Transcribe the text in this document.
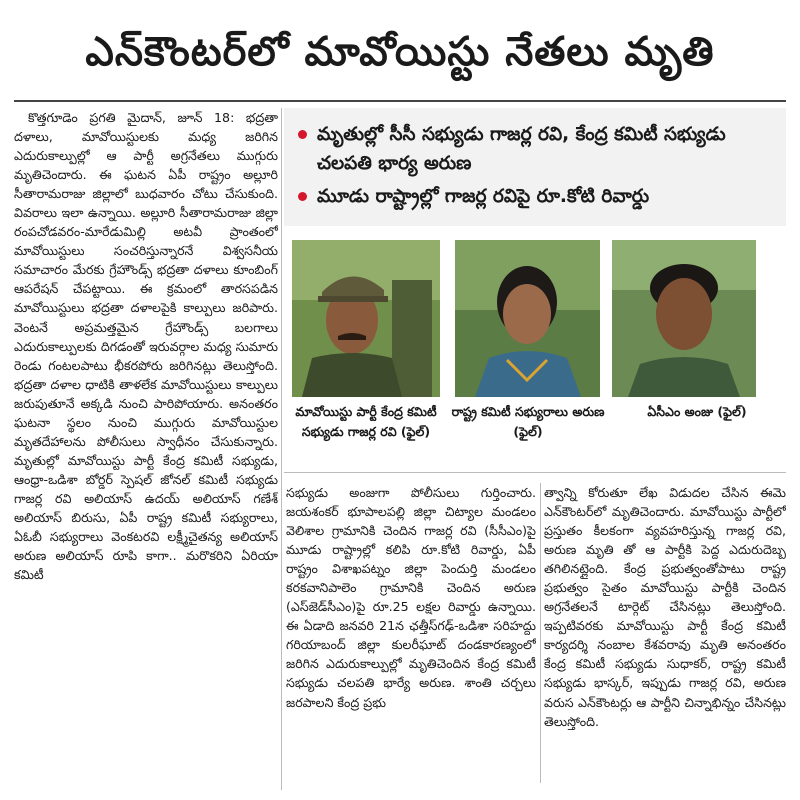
ఎన్‌కౌంటర్‌లో మావోయిస్టు నేతలు మృతి

కొత్తగూడెం ప్రగతి మైదాన్, జూన్ 18: భద్రతా దళాలు, మావోయిస్టులకు మధ్య జరిగిన ఎదురుకాల్పుల్లో ఆ పార్టీ అగ్రనేతలు ముగ్గురు మృతిచెందారు. ఈ ఘటన ఏపీ రాష్ట్రం అల్లూరి సీతారామరాజు జిల్లాలో బుధవారం చోటు చేసుకుంది. వివరాలు ఇలా ఉన్నాయి. అల్లూరి సీతారామరాజు జిల్లా రంపచోడవరం-మారేడుమిల్లి అటవీ ప్రాంతంలో మావోయిస్టులు సంచరిస్తున్నారనే విశ్వసనీయ సమాచారం మేరకు గ్రేహౌండ్స్ భద్రతా దళాలు కూంబింగ్ ఆపరేషన్ చేపట్టాయి. ఈ క్రమంలో తారసపడిన మావోయిస్టులు భద్రతా దళాలపైకి కాల్పులు జరిపారు. వెంటనే అప్రమత్తమైన గ్రేహౌండ్స్ బలగాలు ఎదురుకాల్పులకు దిగడంతో ఇరువర్గాల మధ్య సుమారు రెండు గంటలపాటు భీకరపోరు జరిగినట్లు తెలుస్తోంది. భద్రతా దళాల ధాటికి తాళలేక మావోయిస్టులు కాల్పులు జరుపుతూనే అక్కడి నుంచి పారిపోయారు. అనంతరం ఘటనా స్థలం నుంచి ముగ్గురు మావోయిస్టుల మృతదేహాలను పోలీసులు స్వాధీనం చేసుకున్నారు. మృతుల్లో మావోయిస్టు పార్టీ కేంద్ర కమిటీ సభ్యుడు, ఆంధ్రా-ఒడిశా బోర్డర్ స్పెషల్ జోనల్ కమిటీ సభ్యుడు గాజర్ల రవి అలియాస్ ఉదయ్ అలియాస్ గణేశ్ అలియాస్ బిరుసు, ఏపీ రాష్ట్ర కమిటీ సభ్యురాలు, ఏఓబీ సభ్యురాలు వెంకటరవి లక్ష్మీచైతన్య అలియాస్ అరుణ అలియాస్ రూపి కాగా.. మరొకరిని ఏరియా కమిటీ

మృతుల్లో సీసీ సభ్యుడు గాజర్ల రవి, కేంద్ర కమిటీ సభ్యుడు చలపతి భార్య అరుణ
మూడు రాష్ట్రాల్లో గాజర్ల రవిపై రూ.కోటి రివార్డు
మావోయిస్టు పార్టీ కేంద్ర కమిటీ సభ్యుడు గాజర్ల రవి (ఫైల్)
రాష్ట్ర కమిటీ సభ్యురాలు అరుణ (ఫైల్)
ఏసీఎం అంజు (ఫైల్)

సభ్యుడు అంజుగా పోలీసులు గుర్తించారు. జయశంకర్ భూపాలపల్లి జిల్లా చిట్యాల మండలం వెలిశాల గ్రామానికి చెందిన గాజర్ల రవి (సీసీఎం)పై మూడు రాష్ట్రాల్లో కలిపి రూ.కోటి రివార్డు, ఏపీ రాష్ట్రం విశాఖపట్నం జిల్లా పెందుర్తి మండలం కరకవానిపాలెం గ్రామానికి చెందిన అరుణ (ఎస్‌జెడ్‌సీఎం)పై రూ.25 లక్షల రివార్డు ఉన్నాయి. ఈ ఏడాది జనవరి 21న ఛత్తీస్‌గఢ్-ఒడిశా సరిహద్దు గరియాబంద్ జిల్లా కులరీఘాట్ దండకారణ్యంలో జరిగిన ఎదురుకాల్పుల్లో మృతిచెందిన కేంద్ర కమిటీ సభ్యుడు చలపతి భార్యే అరుణ. శాంతి చర్చలు జరపాలని కేంద్ర ప్రభు

త్వాన్ని కోరుతూ లేఖ విడుదల చేసిన ఈమె ఎన్‌కౌంటర్‌లో మృతిచెందారు. మావోయిస్టు పార్టీలో ప్రస్తుతం కీలకంగా వ్యవహరిస్తున్న గాజర్ల రవి, అరుణ మృతి తో ఆ పార్టీకి పెద్ద ఎదురుదెబ్బ తగిలినట్లైంది. కేంద్ర ప్రభుత్వంతోపాటు రాష్ట్ర ప్రభుత్వం సైతం మావోయిస్టు పార్టీకి చెందిన అగ్రనేతలనే టార్గెట్ చేసినట్లు తెలుస్తోంది. ఇప్పటివరకు మావోయిస్టు పార్టీ కేంద్ర కమిటీ కార్యదర్శి నంబాల కేశవరావు మృతి అనంతరం కేంద్ర కమిటీ సభ్యుడు సుధాకర్, రాష్ట్ర కమిటీ సభ్యుడు భాస్కర్, ఇప్పుడు గాజర్ల రవి, అరుణ వరుస ఎన్‌కౌంటర్లు ఆ పార్టీని చిన్నాభిన్నం చేసినట్లు తెలుస్తోంది.
